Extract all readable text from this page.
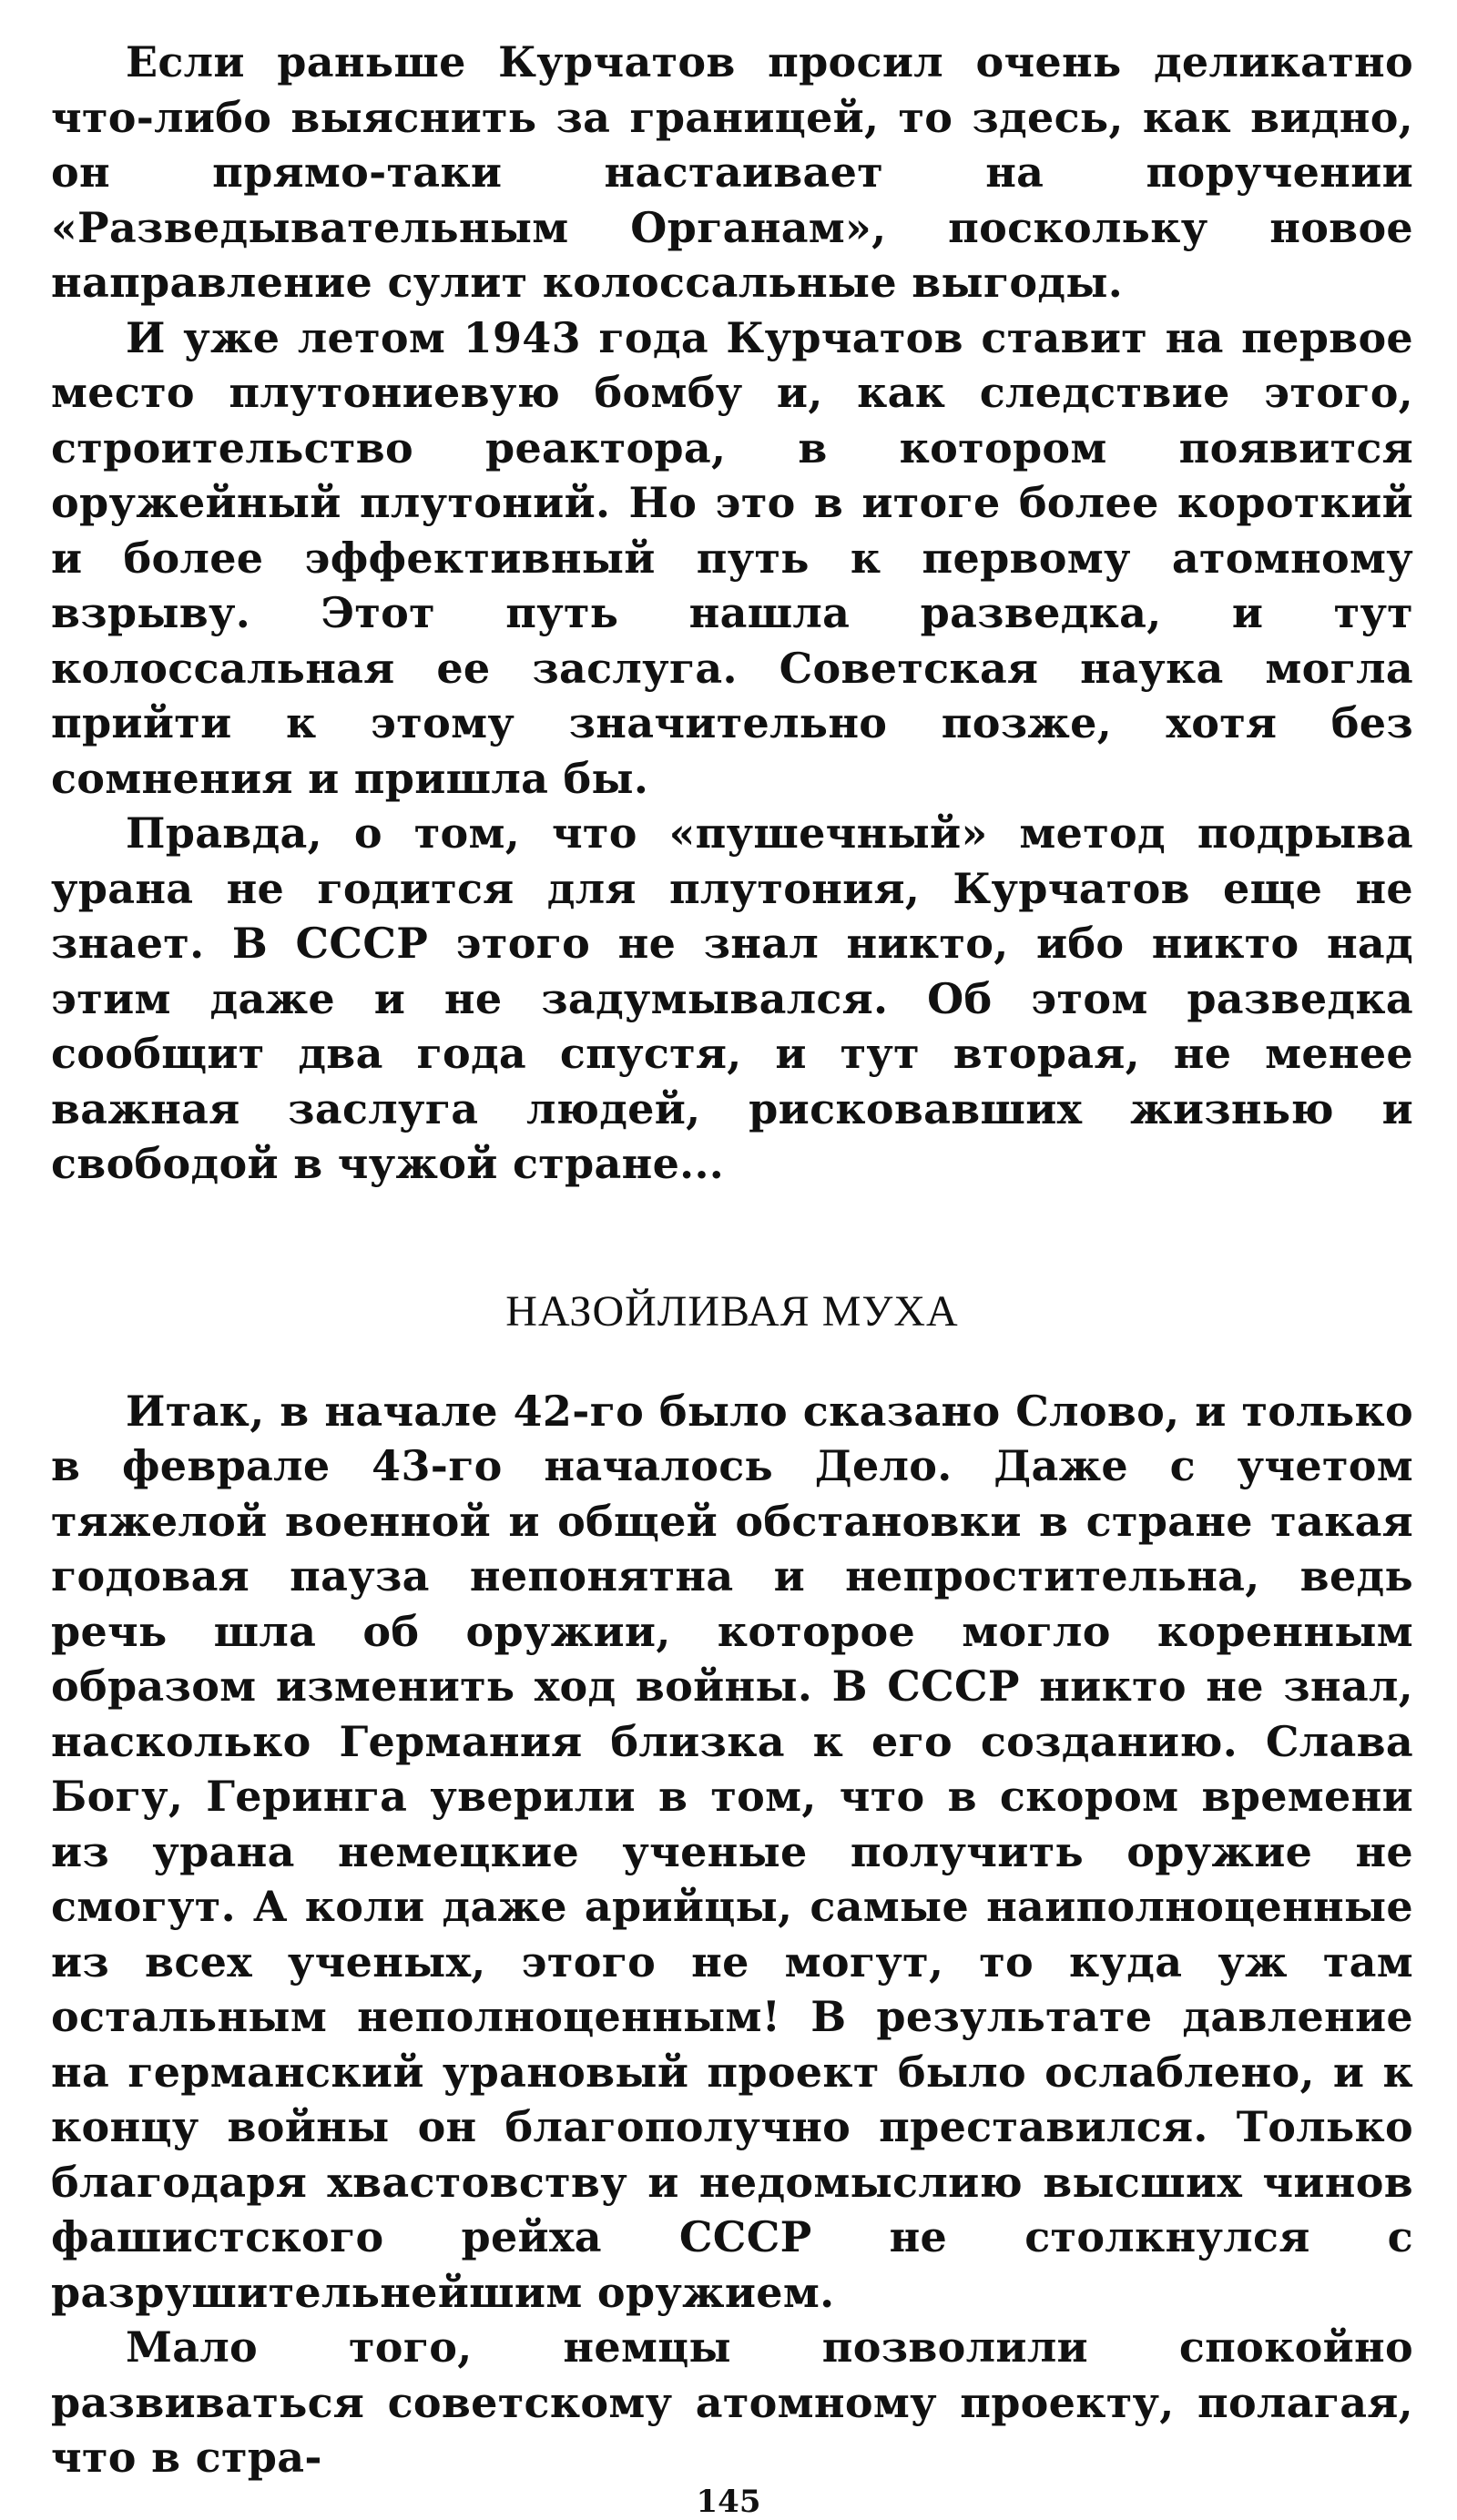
Если раньше Курчатов просил очень деликатно что-либо выяснить за границей, то здесь, как видно, он прямо-таки настаивает на поручении «Разведывательным Органам», поскольку новое направление сулит колоссальные выгоды.

И уже летом 1943 года Курчатов ставит на первое место плутониевую бомбу и, как следствие этого, строительство реактора, в котором появится оружейный плутоний. Но это в итоге более короткий и более эффективный путь к первому атомному взрыву. Этот путь нашла разведка, и тут колоссальная ее заслуга. Советская наука могла прийти к этому значительно позже, хотя без сомнения и пришла бы.

Правда, о том, что «пушечный» метод подрыва урана не годится для плутония, Курчатов еще не знает. В СССР этого не знал никто, ибо никто над этим даже и не задумывался. Об этом разведка сообщит два года спустя, и тут вторая, не менее важная заслуга людей, рисковавших жизнью и свободой в чужой стране...

НАЗОЙЛИВАЯ МУХА

Итак, в начале 42-го было сказано Слово, и только в феврале 43-го началось Дело. Даже с учетом тяжелой военной и общей обстановки в стране такая годовая пауза непонятна и непростительна, ведь речь шла об оружии, которое могло коренным образом изменить ход войны. В СССР никто не знал, насколько Германия близка к его созданию. Слава Богу, Геринга уверили в том, что в скором времени из урана немецкие ученые получить оружие не смогут. А коли даже арийцы, самые наиполноценные из всех ученых, этого не могут, то куда уж там остальным неполноценным! В результате давление на германский урановый проект было ослаблено, и к концу войны он благополучно преставился. Только благодаря хвастовству и недомыслию высших чинов фашистского рейха СССР не столкнулся с разрушительнейшим оружием.

Мало того, немцы позволили спокойно развиваться советскому атомному проекту, полагая, что в стра-

145
